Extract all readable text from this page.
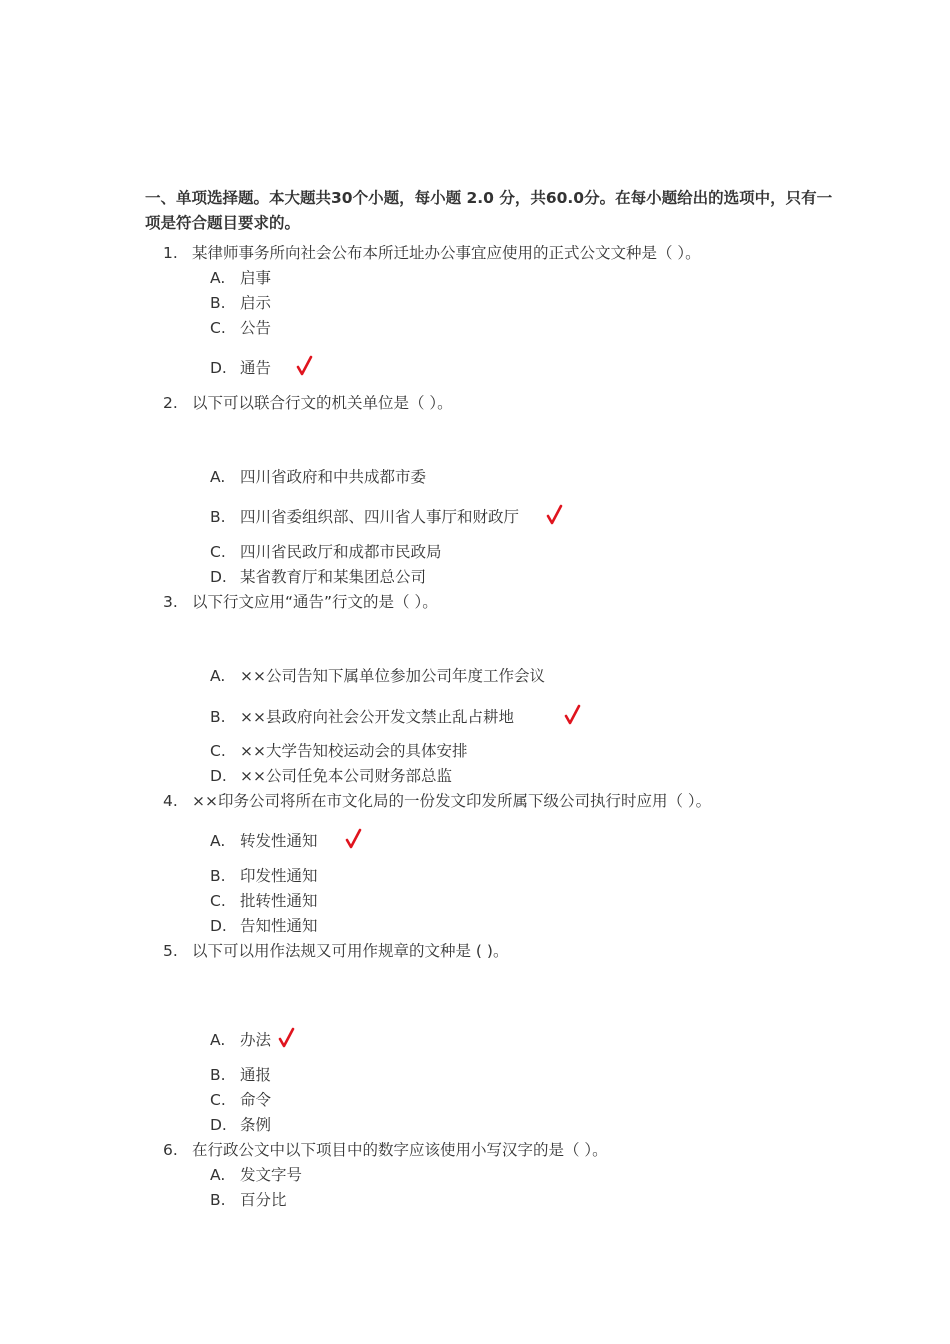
一、单项选择题。本大题共30个小题，每小题 2.0 分，共60.0分。在每小题给出的选项中，只有一项是符合题目要求的。
1. 某律师事务所向社会公布本所迁址办公事宜应使用的正式公文文种是（ ）。
A. 启事
B. 启示
C. 公告
D. 通告
2. 以下可以联合行文的机关单位是（ ）。
A. 四川省政府和中共成都市委
B. 四川省委组织部、四川省人事厅和财政厅
C. 四川省民政厅和成都市民政局
D. 某省教育厅和某集团总公司
3. 以下行文应用“通告”行文的是（ ）。
A. ××公司告知下属单位参加公司年度工作会议
B. ××县政府向社会公开发文禁止乱占耕地
C. ××大学告知校运动会的具体安排
D. ××公司任免本公司财务部总监
4. ××印务公司将所在市文化局的一份发文印发所属下级公司执行时应用（ ）。
A. 转发性通知
B. 印发性通知
C. 批转性通知
D. 告知性通知
5. 以下可以用作法规又可用作规章的文种是 ( )。
A. 办法
B. 通报
C. 命令
D. 条例
6. 在行政公文中以下项目中的数字应该使用小写汉字的是（ ）。
A. 发文字号
B. 百分比
